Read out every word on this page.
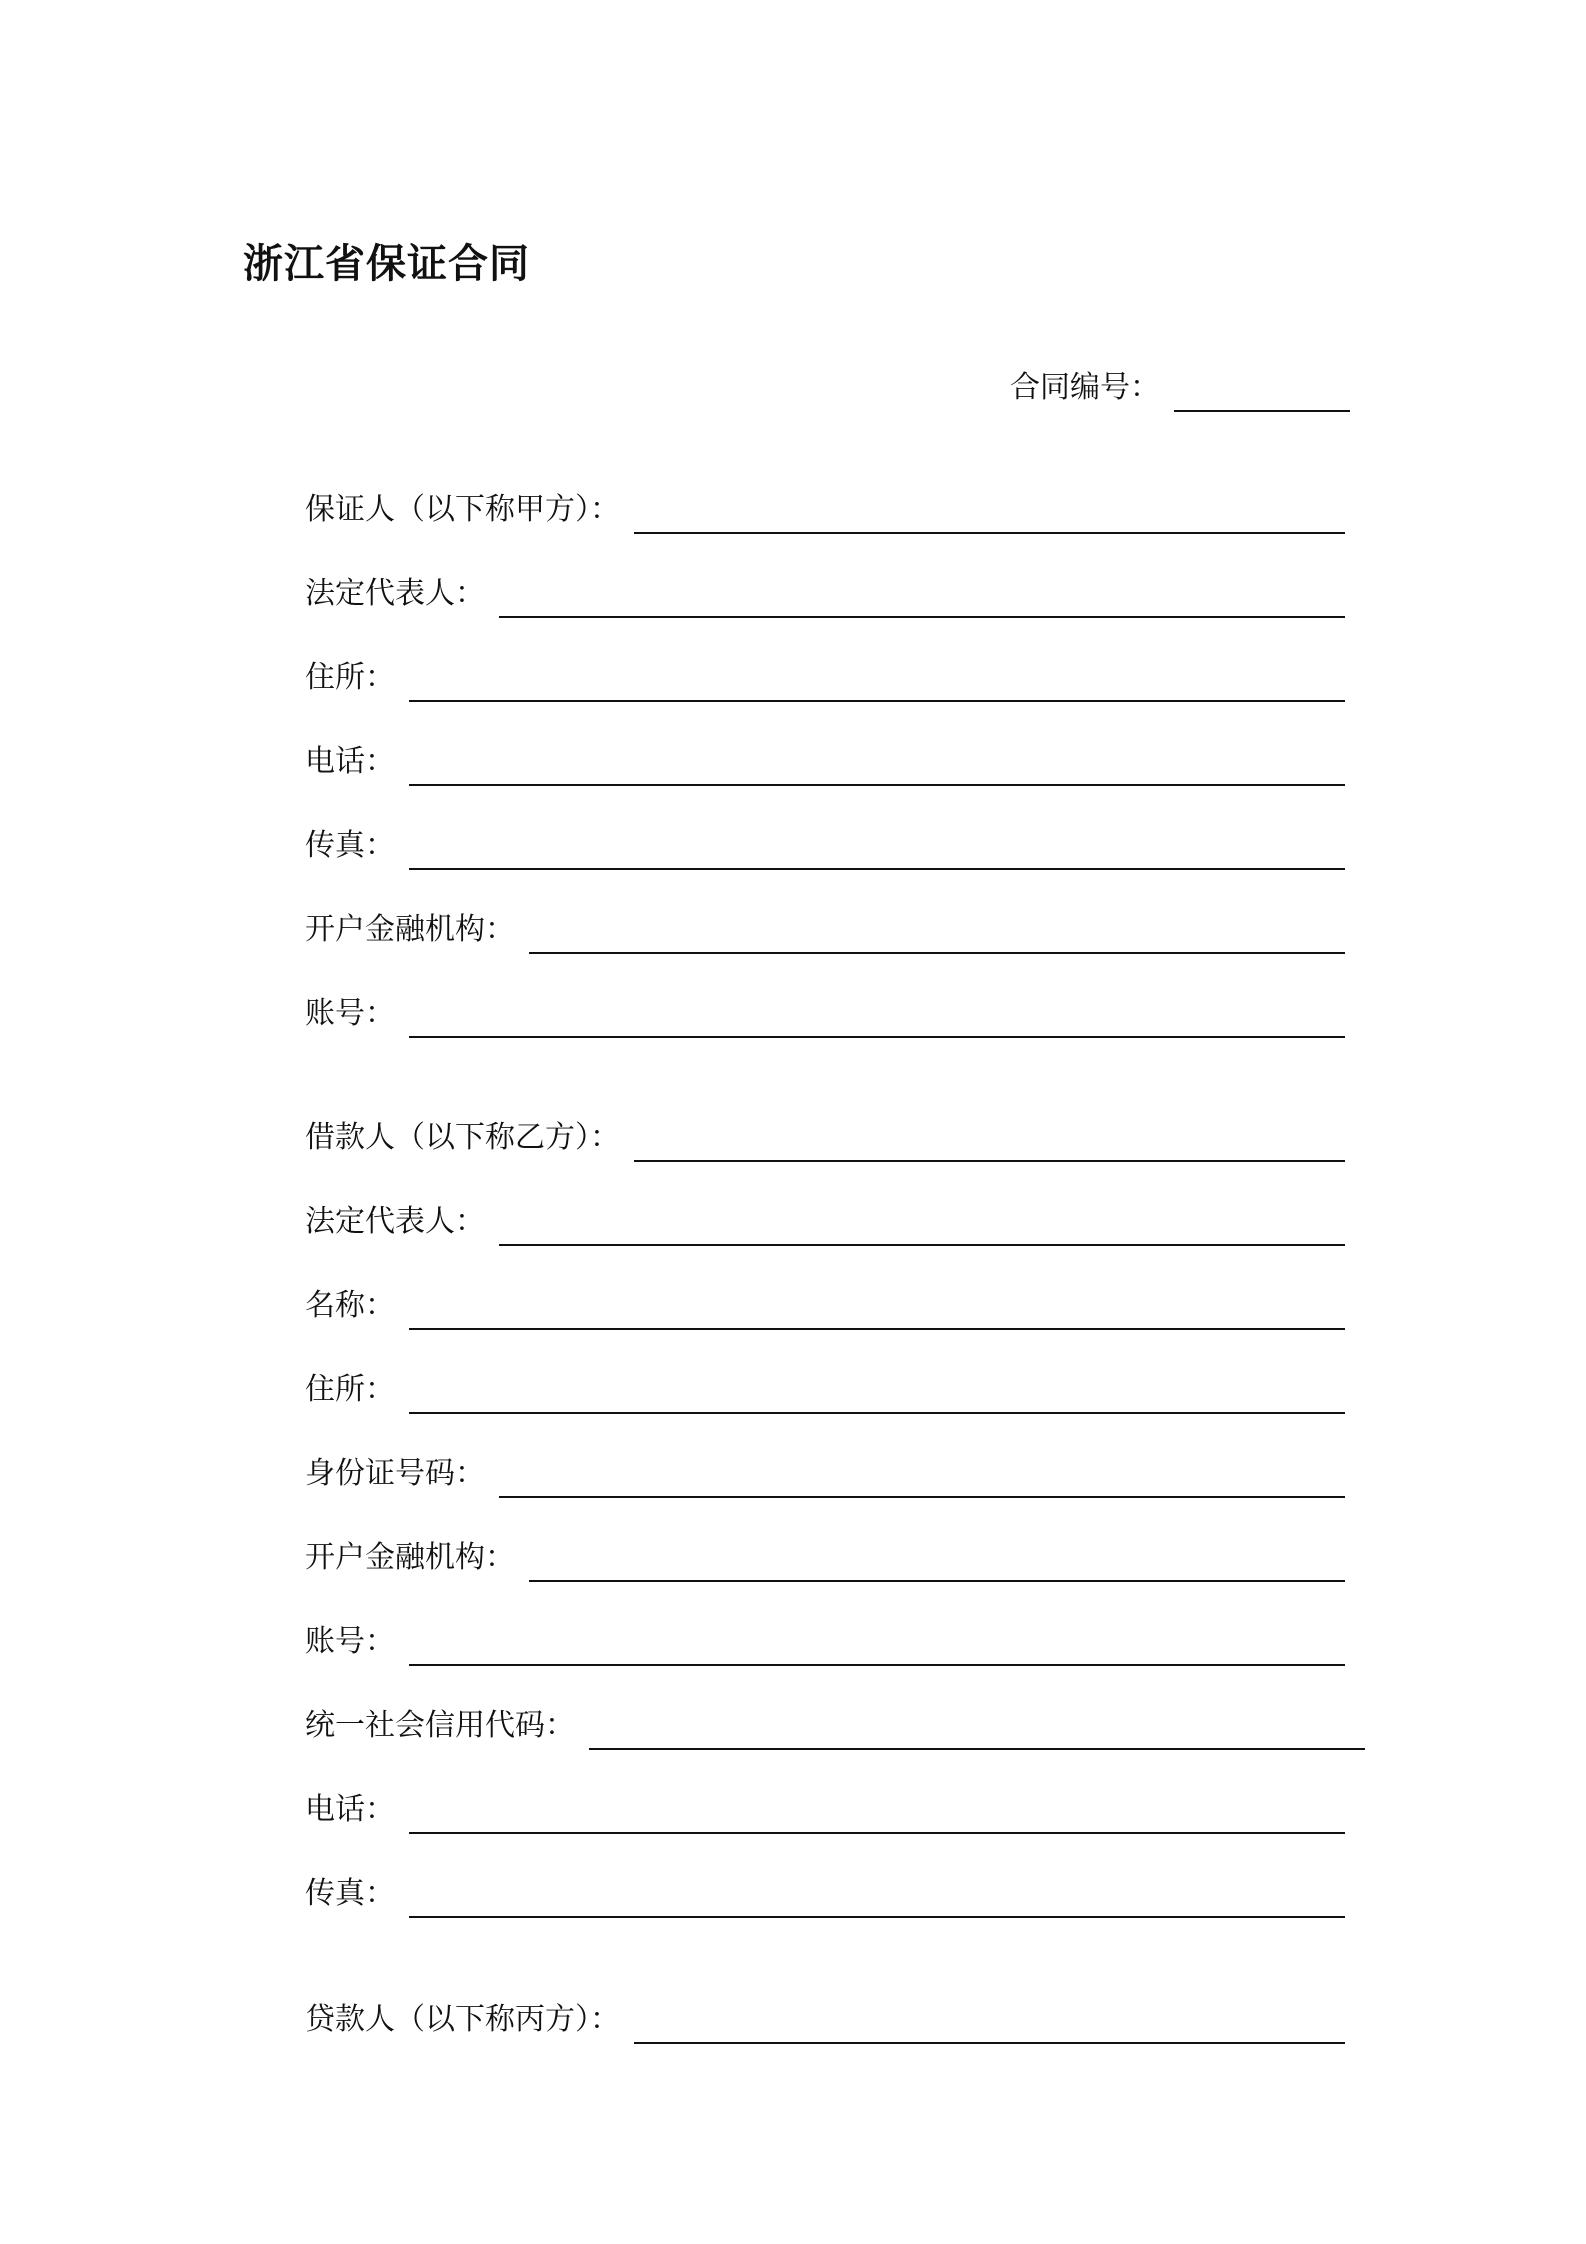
浙江省保证合同
合同编号：
保证人（以下称甲方）：
法定代表人：
住所：
电话：
传真：
开户金融机构：
账号：
借款人（以下称乙方）：
法定代表人：
名称：
住所：
身份证号码：
开户金融机构：
账号：
统一社会信用代码：
电话：
传真：
贷款人（以下称丙方）：
